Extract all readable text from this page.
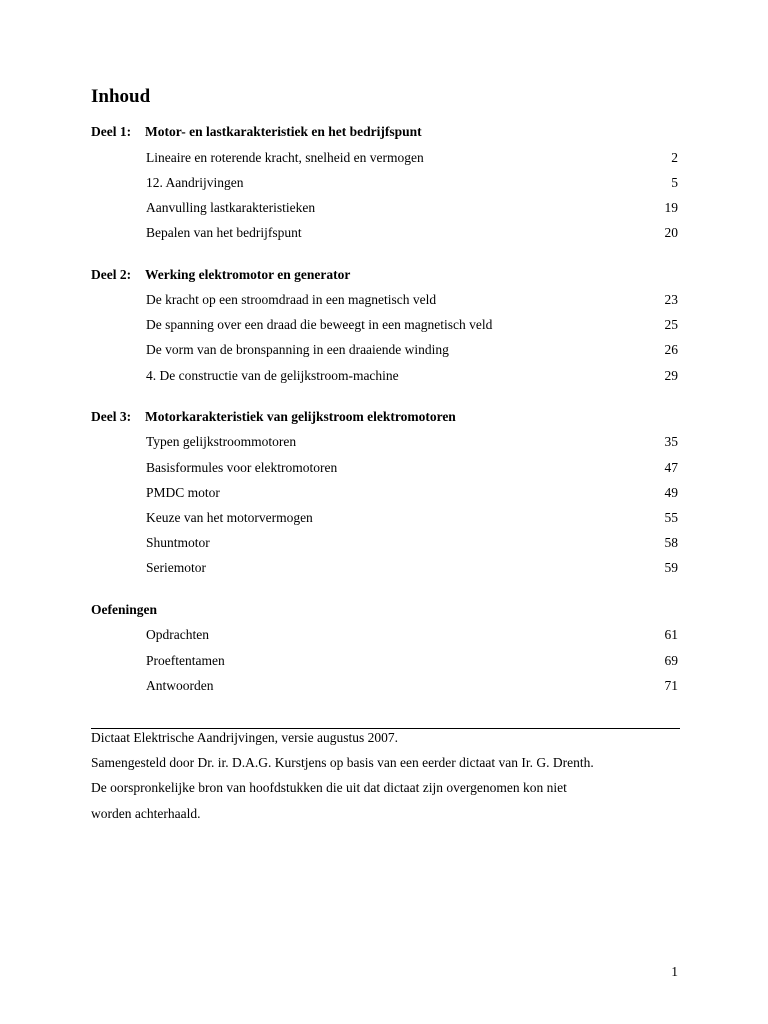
Inhoud
Deel 1: Motor- en lastkarakteristiek en het bedrijfspunt
Lineaire en roterende kracht, snelheid en vermogen	2
12. Aandrijvingen	5
Aanvulling lastkarakteristieken	19
Bepalen van het bedrijfspunt	20
Deel 2: Werking elektromotor en generator
De kracht op een stroomdraad in een magnetisch veld	23
De spanning over een draad die beweegt in een magnetisch veld	25
De vorm van de bronspanning in een draaiende winding	26
4. De constructie van de gelijkstroom-machine	29
Deel 3: Motorkarakteristiek van gelijkstroom elektromotoren
Typen gelijkstroommotoren	35
Basisformules voor elektromotoren	47
PMDC motor	49
Keuze van het motorvermogen	55
Shuntmotor	58
Seriemotor	59
Oefeningen
Opdrachten	61
Proeftentamen	69
Antwoorden	71
Dictaat Elektrische Aandrijvingen, versie augustus 2007.
Samengesteld door Dr. ir. D.A.G. Kurstjens op basis van een eerder dictaat van Ir. G. Drenth.
De oorspronkelijke bron van hoofdstukken die uit dat dictaat zijn overgenomen kon niet
worden achterhaald.
1
